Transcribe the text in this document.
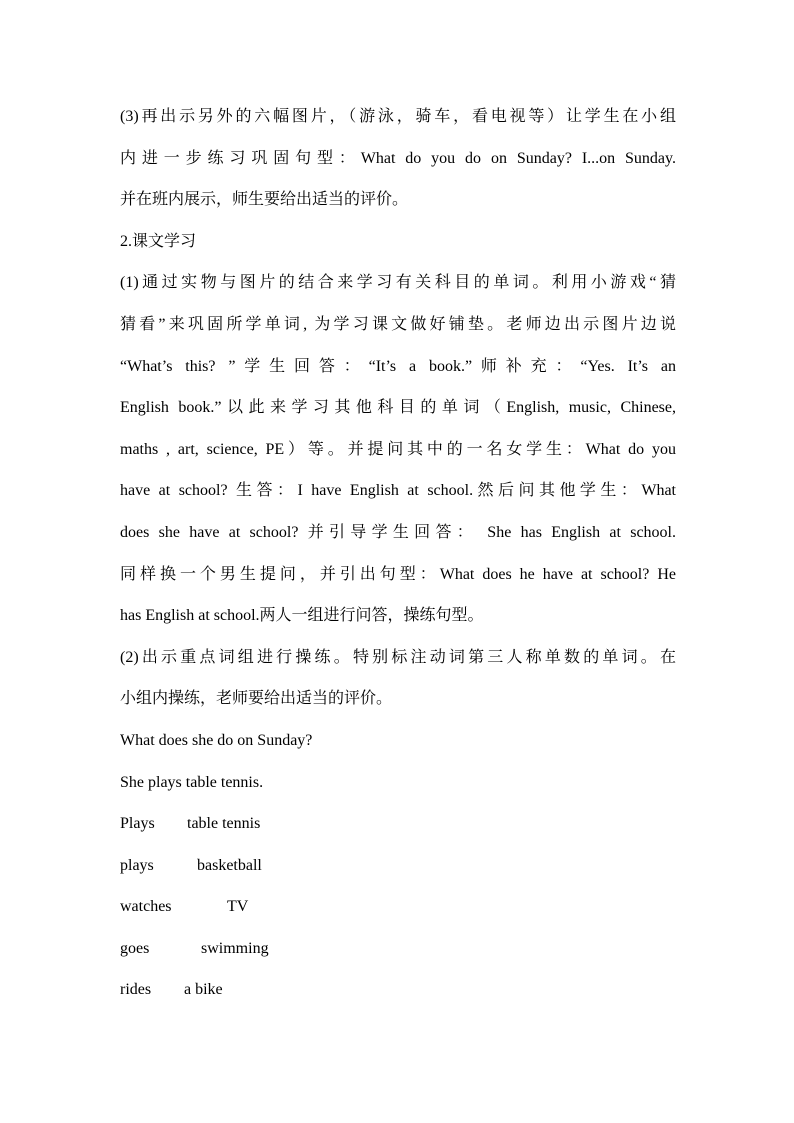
(3)再出示另外的六幅图片，（游泳，骑车，看电视等）让学生在小组
内进一步练习巩固句型：What do you do on Sunday? I...on Sunday.
并在班内展示，师生要给出适当的评价。
2.课文学习
(1)通过实物与图片的结合来学习有关科目的单词。利用小游戏“猜
猜看”来巩固所学单词, 为学习课文做好铺垫。老师边出示图片边说
“What’s this? ”学生回答：“It’s a book.”师补充：“Yes. It’s an
English book.”以此来学习其他科目的单词（English, music, Chinese,
maths , art, science, PE）等。并提问其中的一名女学生：What do you
have at school? 生答：I have English at school.然后问其他学生：What
does she have at school? 并引导学生回答： She has English at school.
同样换一个男生提问，并引出句型：What does he have at school? He
has English at school.两人一组进行问答，操练句型。
(2)出示重点词组进行操练。特别标注动词第三人称单数的单词。在
小组内操练，老师要给出适当的评价。
What does she do on Sunday?
She plays table tennis.
Plays table tennis
plays	basketball
watches	TV
goes	swimming
rides a bike
